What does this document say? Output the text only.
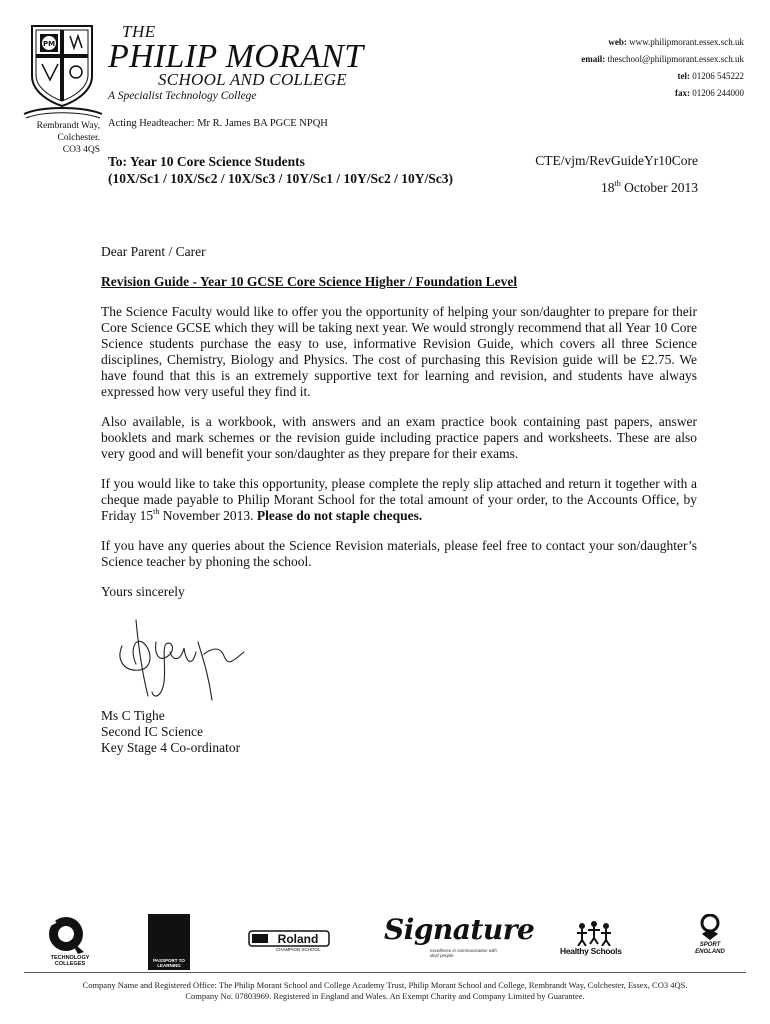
PM
THE
PHILIP MORANT
SCHOOL AND COLLEGE
A Specialist Technology College
Rembrandt Way,
Colchester.
CO3 4QS
Acting Headteacher: Mr R. James BA PGCE NPQH
web: www.philipmorant.essex.sch.uk
email: theschool@philipmorant.essex.sch.uk
tel: 01206 545222
fax: 01206 244000
To: Year 10 Core Science Students
(10X/Sc1 / 10X/Sc2 / 10X/Sc3 / 10Y/Sc1 / 10Y/Sc2 / 10Y/Sc3)
CTE/vjm/RevGuideYr10Core
18th October 2013

Dear Parent / Carer

Revision Guide - Year 10 GCSE Core Science Higher / Foundation Level

The Science Faculty would like to offer you the opportunity of helping your son/daughter to prepare for their Core Science GCSE which they will be taking next year. We would strongly recommend that all Year 10 Core Science students purchase the easy to use, informative Revision Guide, which covers all three Science disciplines, Chemistry, Biology and Physics. The cost of purchasing this Revision guide will be £2.75. We have found that this is an extremely supportive text for learning and revision, and students have always expressed how very useful they find it.

Also available, is a workbook, with answers and an exam practice book containing past papers, answer booklets and mark schemes or the revision guide including practice papers and worksheets. These are also very good and will benefit your son/daughter as they prepare for their exams.

If you would like to take this opportunity, please complete the reply slip attached and return it together with a cheque made payable to Philip Morant School for the total amount of your order, to the Accounts Office, by Friday 15th November 2013. Please do not staple cheques.

If you have any queries about the Science Revision materials, please feel free to contact your son/daughter’s Science teacher by phoning the school.

Yours sincerely

Ms C Tighe
Second IC Science
Key Stage 4 Co-ordinator
TECHNOLOGY COLLEGES
PASSPORT TO LEARNING
Roland
CHAMPION SCHOOL
Signature
excellence in communication with deaf people	Healthy Schools
SPORT ENGLAND
Company Name and Registered Office: The Philip Morant School and College Academy Trust, Philip Morant School and College, Rembrandt Way, Colchester, Essex, CO3 4QS.
Company No. 07803969. Registered in England and Wales. An Exempt Charity and Company Limited by Guarantee.
